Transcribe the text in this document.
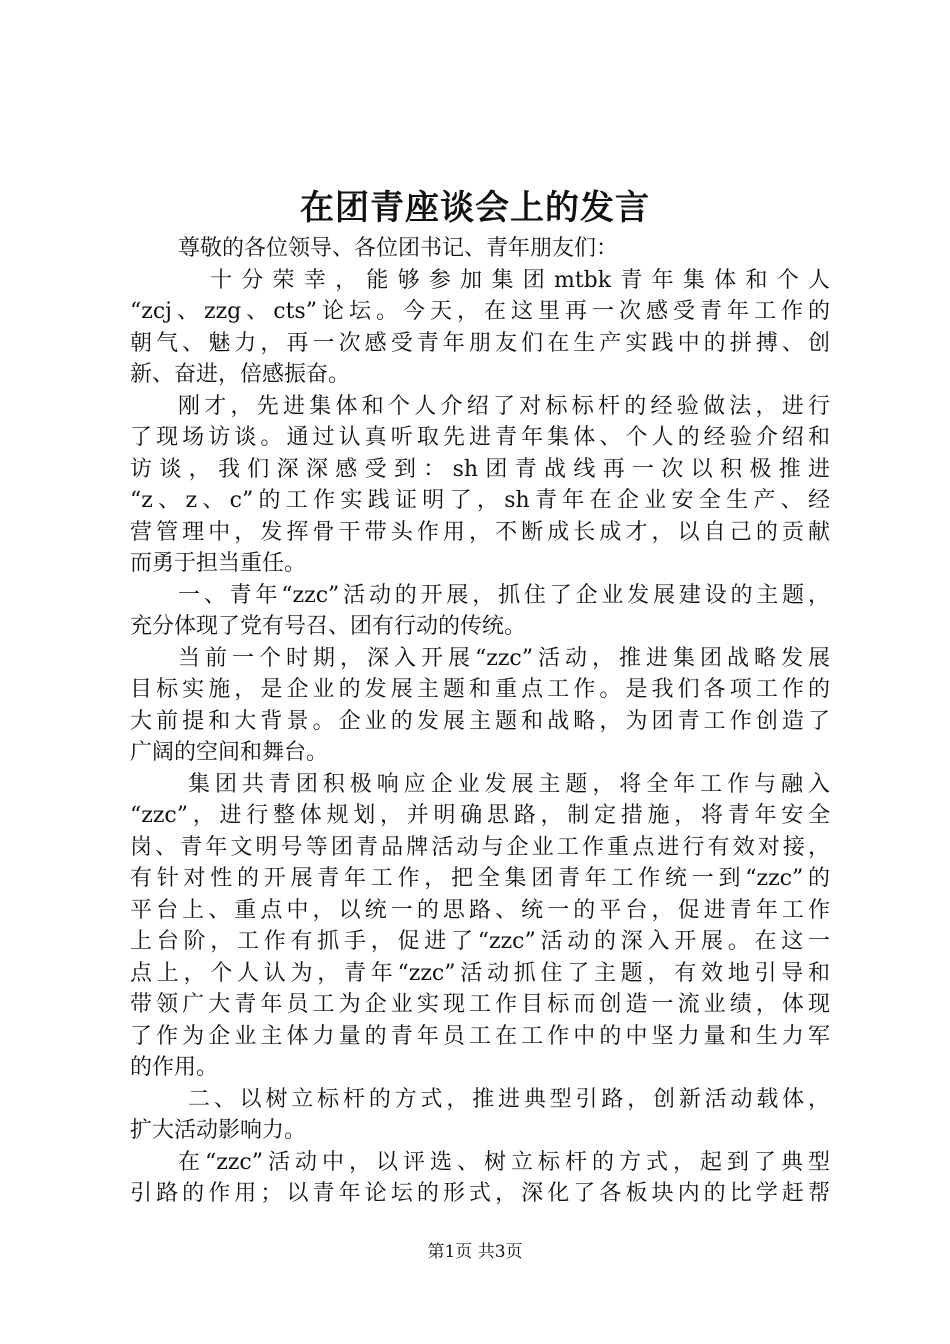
在团青座谈会上的发言
尊敬的各位领导、各位团书记、青年朋友们：
十分荣幸，能够参加集团mtbk青年集体和个人
“zcj、zzg、cts”论坛。今天，在这里再一次感受青年工作的
朝气、魅力，再一次感受青年朋友们在生产实践中的拼搏、创
新、奋进，倍感振奋。
刚才，先进集体和个人介绍了对标标杆的经验做法，进行
了现场访谈。通过认真听取先进青年集体、个人的经验介绍和
访谈，我们深深感受到：sh团青战线再一次以积极推进
“z、z、c”的工作实践证明了，sh青年在企业安全生产、经
营管理中，发挥骨干带头作用，不断成长成才，以自己的贡献
而勇于担当重任。
一、青年“zzc”活动的开展，抓住了企业发展建设的主题，
充分体现了党有号召、团有行动的传统。
当前一个时期，深入开展“zzc”活动，推进集团战略发展
目标实施，是企业的发展主题和重点工作。是我们各项工作的
大前提和大背景。企业的发展主题和战略，为团青工作创造了
广阔的空间和舞台。
集团共青团积极响应企业发展主题，将全年工作与融入
“zzc”，进行整体规划，并明确思路，制定措施，将青年安全
岗、青年文明号等团青品牌活动与企业工作重点进行有效对接，
有针对性的开展青年工作，把全集团青年工作统一到“zzc”的
平台上、重点中，以统一的思路、统一的平台，促进青年工作
上台阶，工作有抓手，促进了“zzc”活动的深入开展。在这一
点上，个人认为，青年“zzc”活动抓住了主题，有效地引导和
带领广大青年员工为企业实现工作目标而创造一流业绩，体现
了作为企业主体力量的青年员工在工作中的中坚力量和生力军
的作用。
二、以树立标杆的方式，推进典型引路，创新活动载体，
扩大活动影响力。
在“zzc”活动中，以评选、树立标杆的方式，起到了典型
引路的作用；以青年论坛的形式，深化了各板块内的比学赶帮
第1页 共3页
